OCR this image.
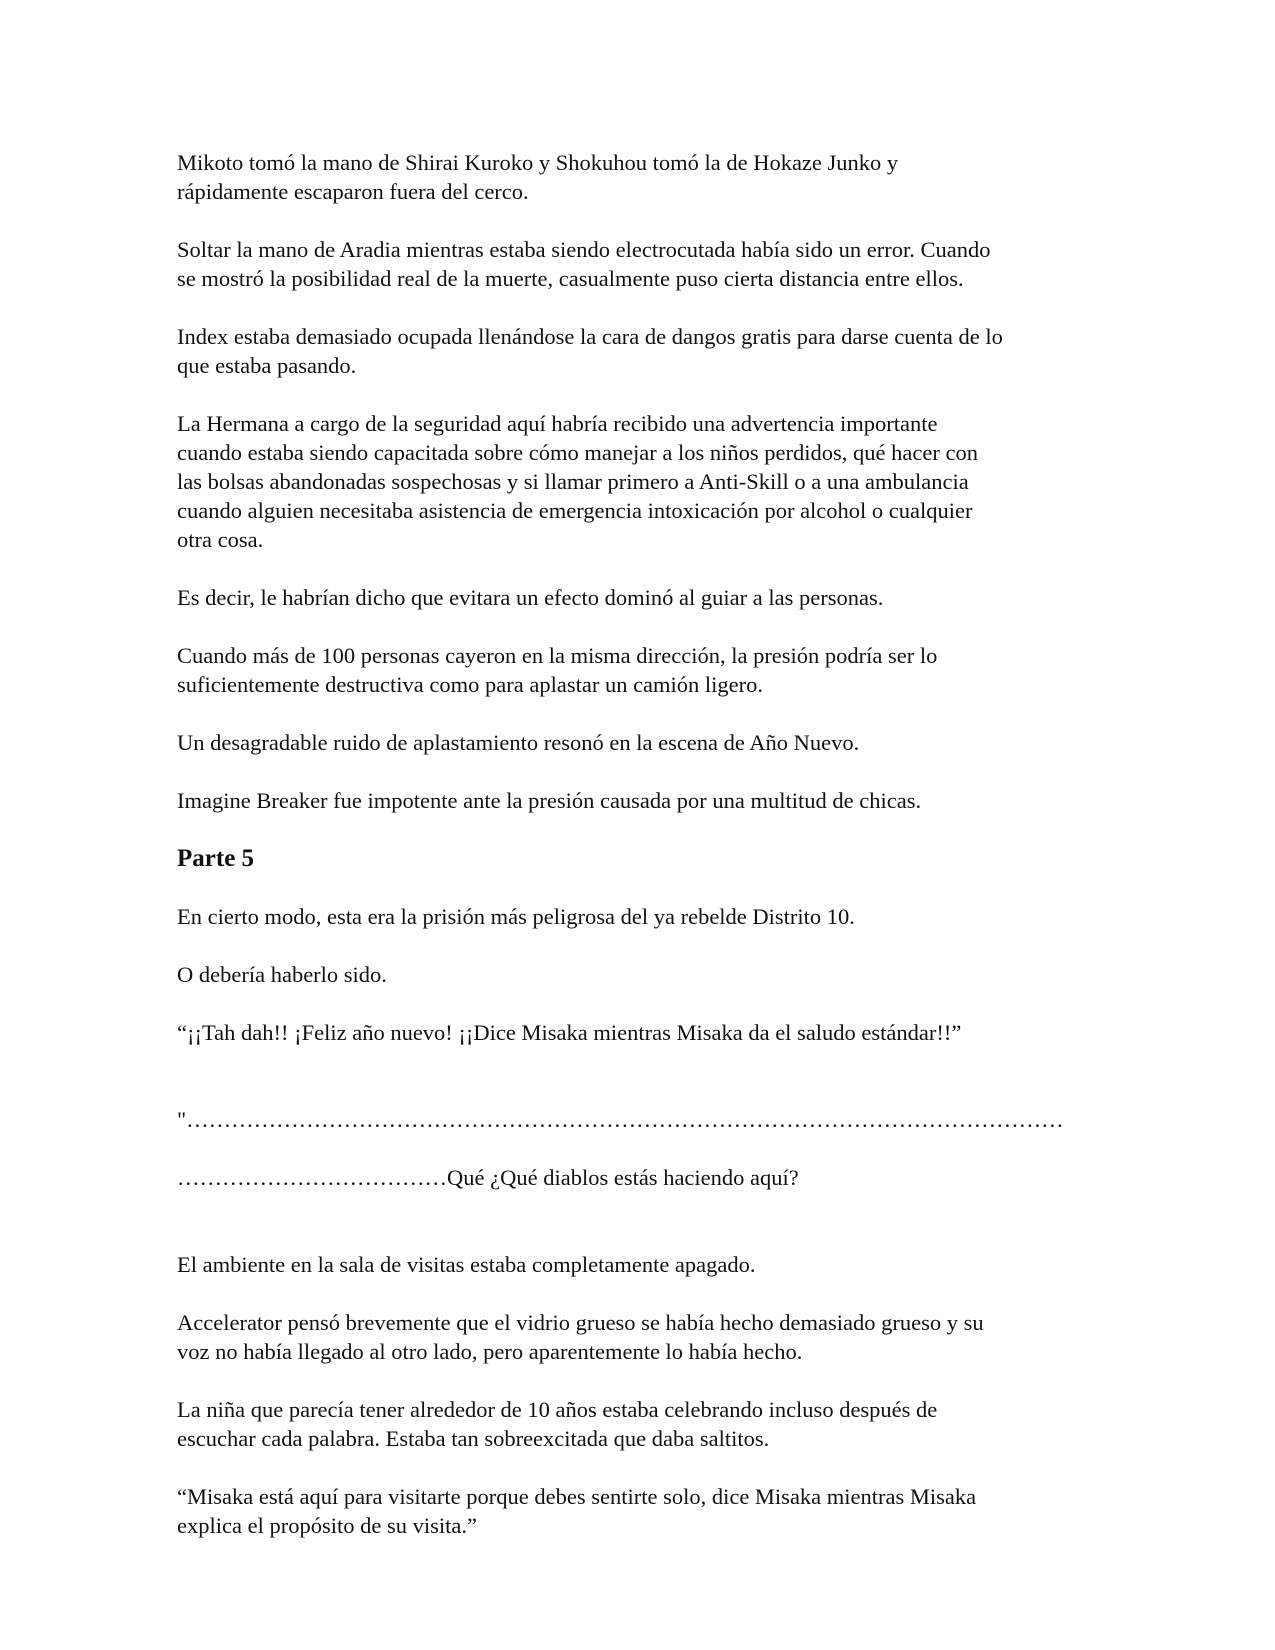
Mikoto tomó la mano de Shirai Kuroko y Shokuhou tomó la de Hokaze Junko y
rápidamente escaparon fuera del cerco.

Soltar la mano de Aradia mientras estaba siendo electrocutada había sido un error. Cuando
se mostró la posibilidad real de la muerte, casualmente puso cierta distancia entre ellos.

Index estaba demasiado ocupada llenándose la cara de dangos gratis para darse cuenta de lo
que estaba pasando.

La Hermana a cargo de la seguridad aquí habría recibido una advertencia importante
cuando estaba siendo capacitada sobre cómo manejar a los niños perdidos, qué hacer con
las bolsas abandonadas sospechosas y si llamar primero a Anti-Skill o a una ambulancia
cuando alguien necesitaba asistencia de emergencia intoxicación por alcohol o cualquier
otra cosa.

Es decir, le habrían dicho que evitara un efecto dominó al guiar a las personas.

Cuando más de 100 personas cayeron en la misma dirección, la presión podría ser lo
suficientemente destructiva como para aplastar un camión ligero.

Un desagradable ruido de aplastamiento resonó en la escena de Año Nuevo.

Imagine Breaker fue impotente ante la presión causada por una multitud de chicas.

Parte 5

En cierto modo, esta era la prisión más peligrosa del ya rebelde Distrito 10.

O debería haberlo sido.

“¡¡Tah dah!! ¡Feliz año nuevo! ¡¡Dice Misaka mientras Misaka da el saludo estándar!!”

"………………………………………………………………………………………………………

………………………………Qué ¿Qué diablos estás haciendo aquí?

El ambiente en la sala de visitas estaba completamente apagado.

Accelerator pensó brevemente que el vidrio grueso se había hecho demasiado grueso y su
voz no había llegado al otro lado, pero aparentemente lo había hecho.

La niña que parecía tener alrededor de 10 años estaba celebrando incluso después de
escuchar cada palabra. Estaba tan sobreexcitada que daba saltitos.

“Misaka está aquí para visitarte porque debes sentirte solo, dice Misaka mientras Misaka
explica el propósito de su visita.”
